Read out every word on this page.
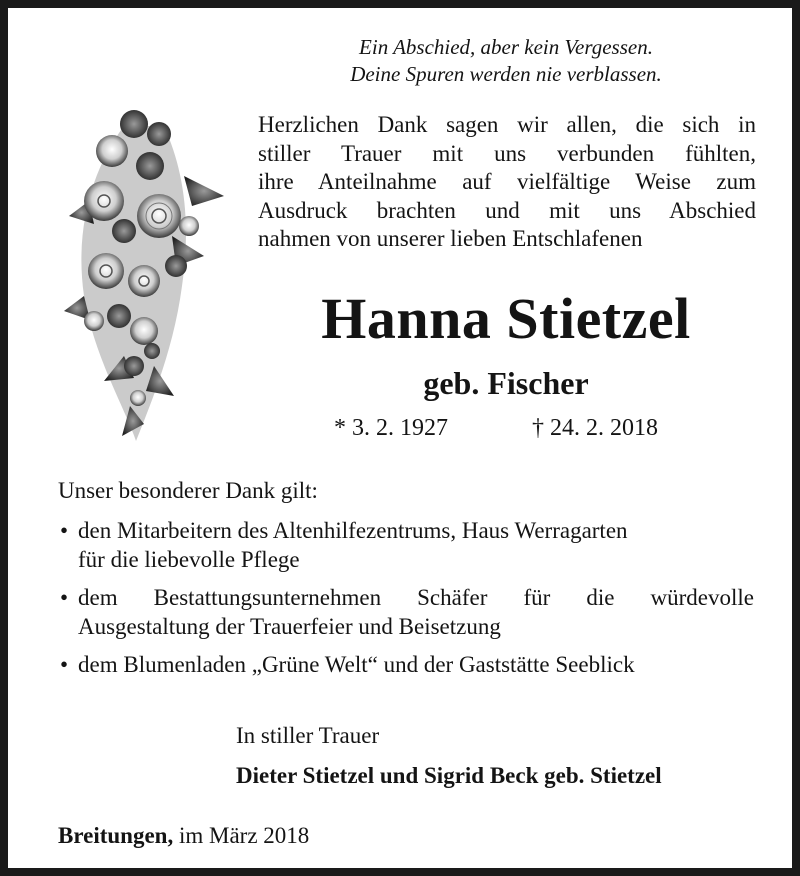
Ein Abschied, aber kein Vergessen.
Deine Spuren werden nie verblassen.
Herzlichen Dank sagen wir allen, die sich in
stiller Trauer mit uns verbunden fühlten,
ihre Anteilnahme auf vielfältige Weise zum
Ausdruck brachten und mit uns Abschied
nahmen von unserer lieben Entschlafenen
Hanna Stietzel
geb. Fischer
* 3. 2. 1927	† 24. 2. 2018
Unser besonderer Dank gilt:
• den Mitarbeitern des Altenhilfezentrums, Haus Werragarten
für die liebevolle Pflege
• dem Bestattungsunternehmen Schäfer für die würdevolle
Ausgestaltung der Trauerfeier und Beisetzung
• dem Blumenladen „Grüne Welt“ und der Gaststätte Seeblick
In stiller Trauer
Dieter Stietzel und Sigrid Beck geb. Stietzel
Breitungen, im März 2018
